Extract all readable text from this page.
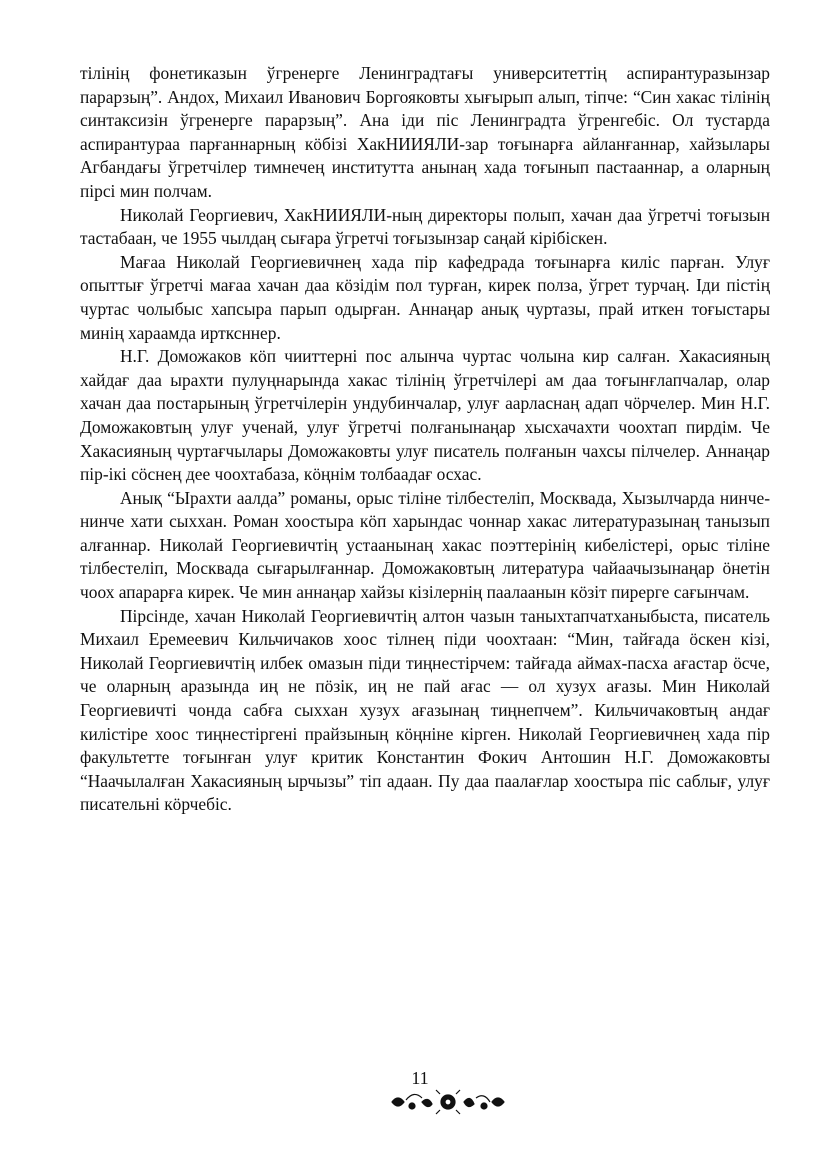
тілінің фонетиказын ўгренерге Ленинградтағы университеттің аспирантуразынзар парарзың”. Андох, Михаил Иванович Боргояковты хығырып алып, тіпче: “Син хакас тілінің синтаксизін ўгренерге парарзың”. Ана іди піс Ленинградта ўгренгебіс. Ол тустарда аспирантураа парғаннарның кӧбізі ХакНИИЯЛИ-зар тоғынарға айланғаннар, хайзылары Агбандағы ўгретчілер тимнечең институтта анынаң хада тоғынып пастааннар, а оларның пірсі мин полчам.

Николай Георгиевич, ХакНИИЯЛИ-ның директоры полып, хачан даа ўгретчі тоғызын тастабаан, че 1955 чылдаң сығара ўгретчі тоғызынзар саңай кірібіскен.

Мағаа Николай Георгиевичнең хада пір кафедрада тоғынарға киліс парған. Улуғ опыттығ ўгретчі мағаа хачан даа кӧзідім пол турған, кирек полза, ўгрет турчаң. Іди пістің чуртас чолыбыс хапсыра парып одырған. Аннаңар анық чуртазы, прай иткен тоғыстары минің хараамда иртксннер.

Н.Г. Доможаков кӧп чииттерні пос алынча чуртас чолына кир салған. Хакасияның хайдағ даа ырахти пулуңнарында хакас тілінің ўгретчілері ам даа тоғынғлапчалар, олар хачан даа постарының ўгретчілерін ундубинчалар, улуғ аарласнаң адап чӧрчелер. Мин Н.Г. Доможаковтың улуғ ученай, улуғ ўгретчі полғанынаңар хысхачахти чоохтап пирдім. Че Хакасияның чуртағчылары Доможаковты улуғ писатель полғанын чахсы пілчелер. Аннаңар пір-ікі сӧснең дее чоохтабаза, кӧңнім толбаадағ осхас.

Анық “Ырахти аалда” романы, орыс тіліне тілбестеліп, Москвада, Хызылчарда нинче-нинче хати сыххан. Роман хоостыра кӧп харындас чоннар хакас литературазынаң танызып алғаннар. Николай Георгиевичтің устаанынаң хакас поэттерінің кибелістері, орыс тіліне тілбестеліп, Москвада сығарылғаннар. Доможаковтың литература чайаачызынаңар ӧнетін чоох апарарға кирек. Че мин аннаңар хайзы кізілернің паалаанын кӧзіт пирерге сағынчам.

Пірсінде, хачан Николай Георгиевичтің алтон чазын таныхтапчатханыбыста, писатель Михаил Еремеевич Кильчичаков хоос тілнең піди чоохтаан: “Мин, тайғада ӧскен кізі, Николай Георгиевичтің илбек омазын піди тиңнестірчем: тайғада аймах-пасха ағастар ӧсче, че оларның аразында иң не пӧзік, иң не пай ағас — ол хузух ағазы. Мин Николай Георгиевичті чонда сабға сыххан хузух ағазынаң тиңнепчем”. Кильчичаковтың андағ килістіре хоос тиңнестіргені прайзының кӧңніне кірген. Николай Георгиевичнең хада пір факультетте тоғынған улуғ критик Константин Фокич Антошин Н.Г. Доможаковты “Наачылалған Хакасияның ырчызы” тіп адаан. Пу даа паалағлар хоостыра піс саблығ, улуғ писательні кӧрчебіс.

11
